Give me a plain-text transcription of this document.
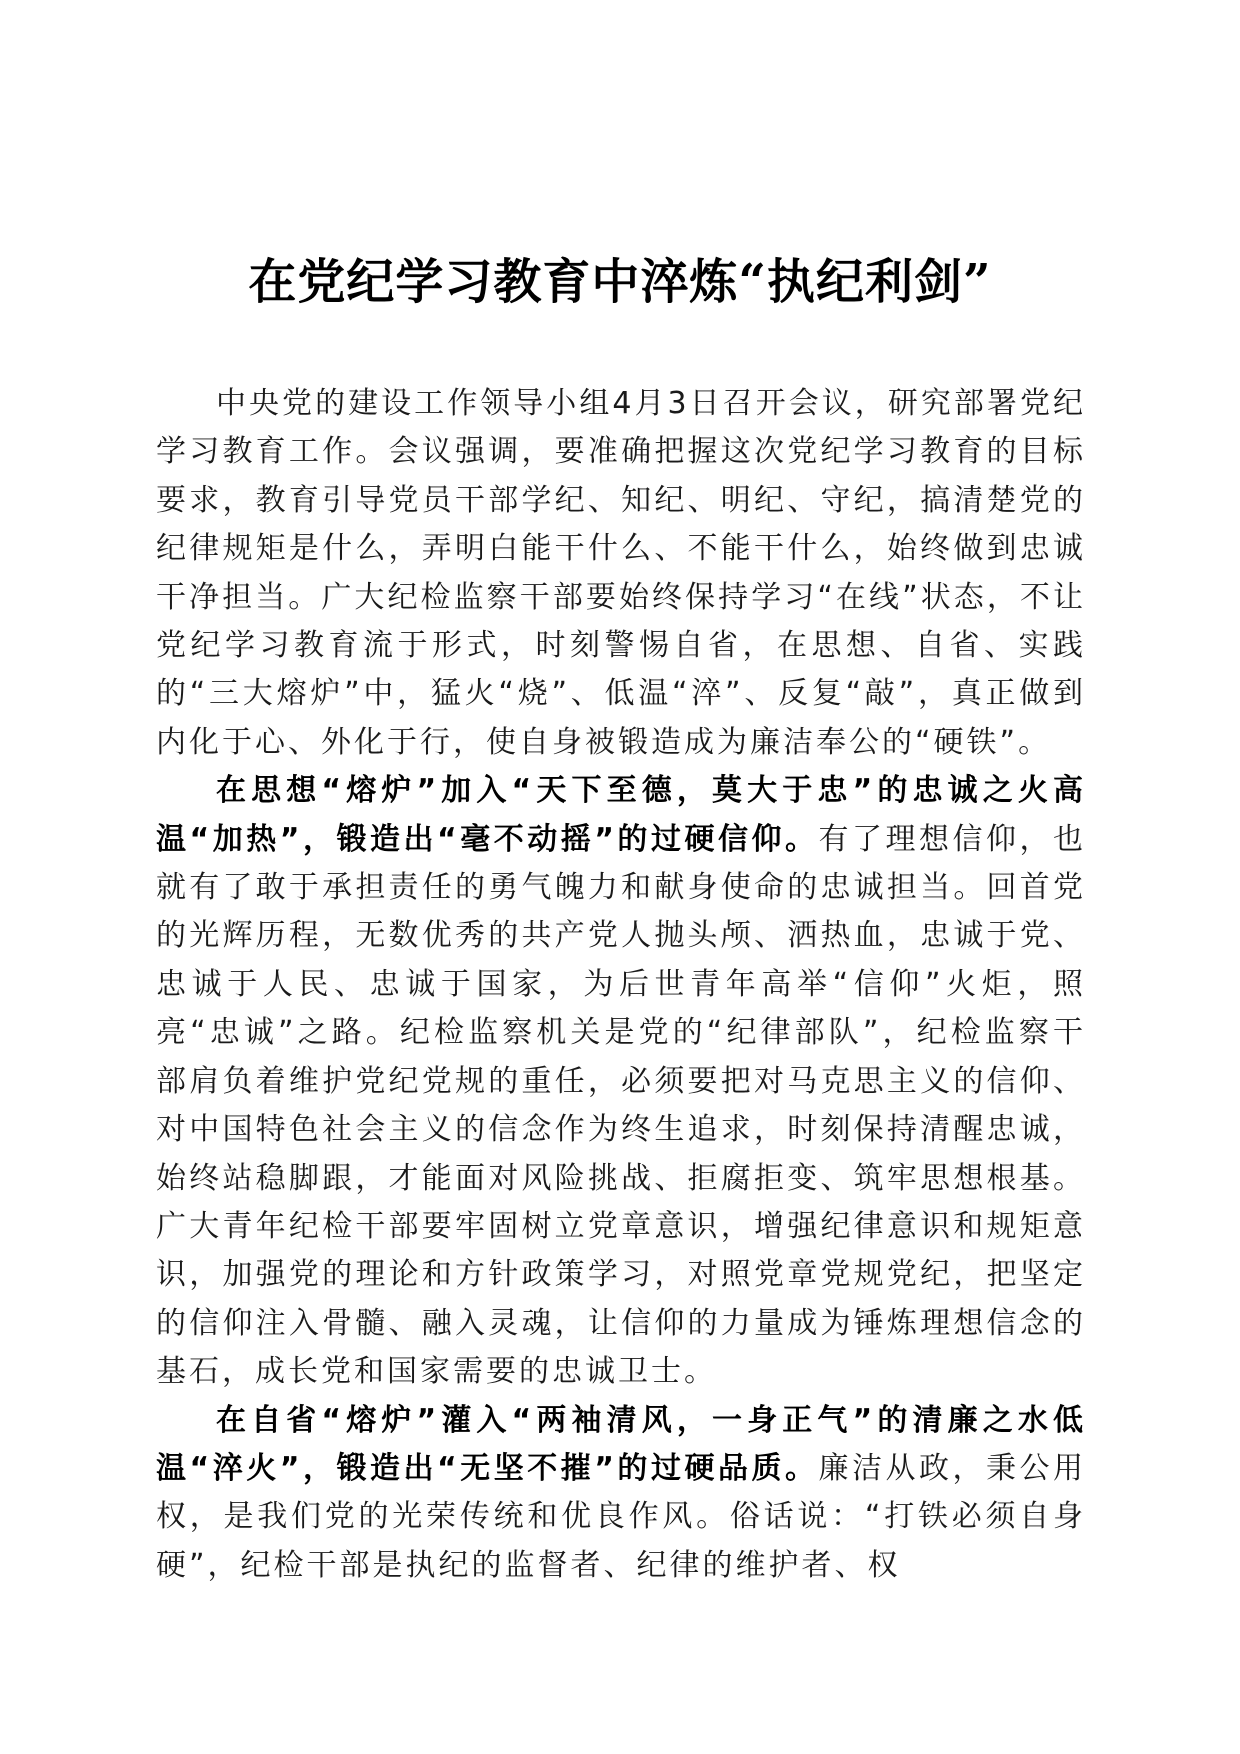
在党纪学习教育中淬炼“执纪利剑”

中央党的建设工作领导小组4月3日召开会议，研究部署党纪学习教育工作。会议强调，要准确把握这次党纪学习教育的目标要求，教育引导党员干部学纪、知纪、明纪、守纪，搞清楚党的纪律规矩是什么，弄明白能干什么、不能干什么，始终做到忠诚干净担当。广大纪检监察干部要始终保持学习“在线”状态，不让党纪学习教育流于形式，时刻警惕自省，在思想、自省、实践的“三大熔炉”中，猛火“烧”、低温“淬”、反复“敲”，真正做到内化于心、外化于行，使自身被锻造成为廉洁奉公的“硬铁”。

在思想“熔炉”加入“天下至德，莫大于忠”的忠诚之火高温“加热”，锻造出“毫不动摇”的过硬信仰。有了理想信仰，也就有了敢于承担责任的勇气魄力和献身使命的忠诚担当。回首党的光辉历程，无数优秀的共产党人抛头颅、洒热血，忠诚于党、忠诚于人民、忠诚于国家，为后世青年高举“信仰”火炬，照亮“忠诚”之路。纪检监察机关是党的“纪律部队”，纪检监察干部肩负着维护党纪党规的重任，必须要把对马克思主义的信仰、对中国特色社会主义的信念作为终生追求，时刻保持清醒忠诚，始终站稳脚跟，才能面对风险挑战、拒腐拒变、筑牢思想根基。广大青年纪检干部要牢固树立党章意识，增强纪律意识和规矩意识，加强党的理论和方针政策学习，对照党章党规党纪，把坚定的信仰注入骨髓、融入灵魂，让信仰的力量成为锤炼理想信念的基石，成长党和国家需要的忠诚卫士。

在自省“熔炉”灌入“两袖清风，一身正气”的清廉之水低温“淬火”，锻造出“无坚不摧”的过硬品质。廉洁从政，秉公用权，是我们党的光荣传统和优良作风。俗话说：“打铁必须自身硬”，纪检干部是执纪的监督者、纪律的维护者、权
